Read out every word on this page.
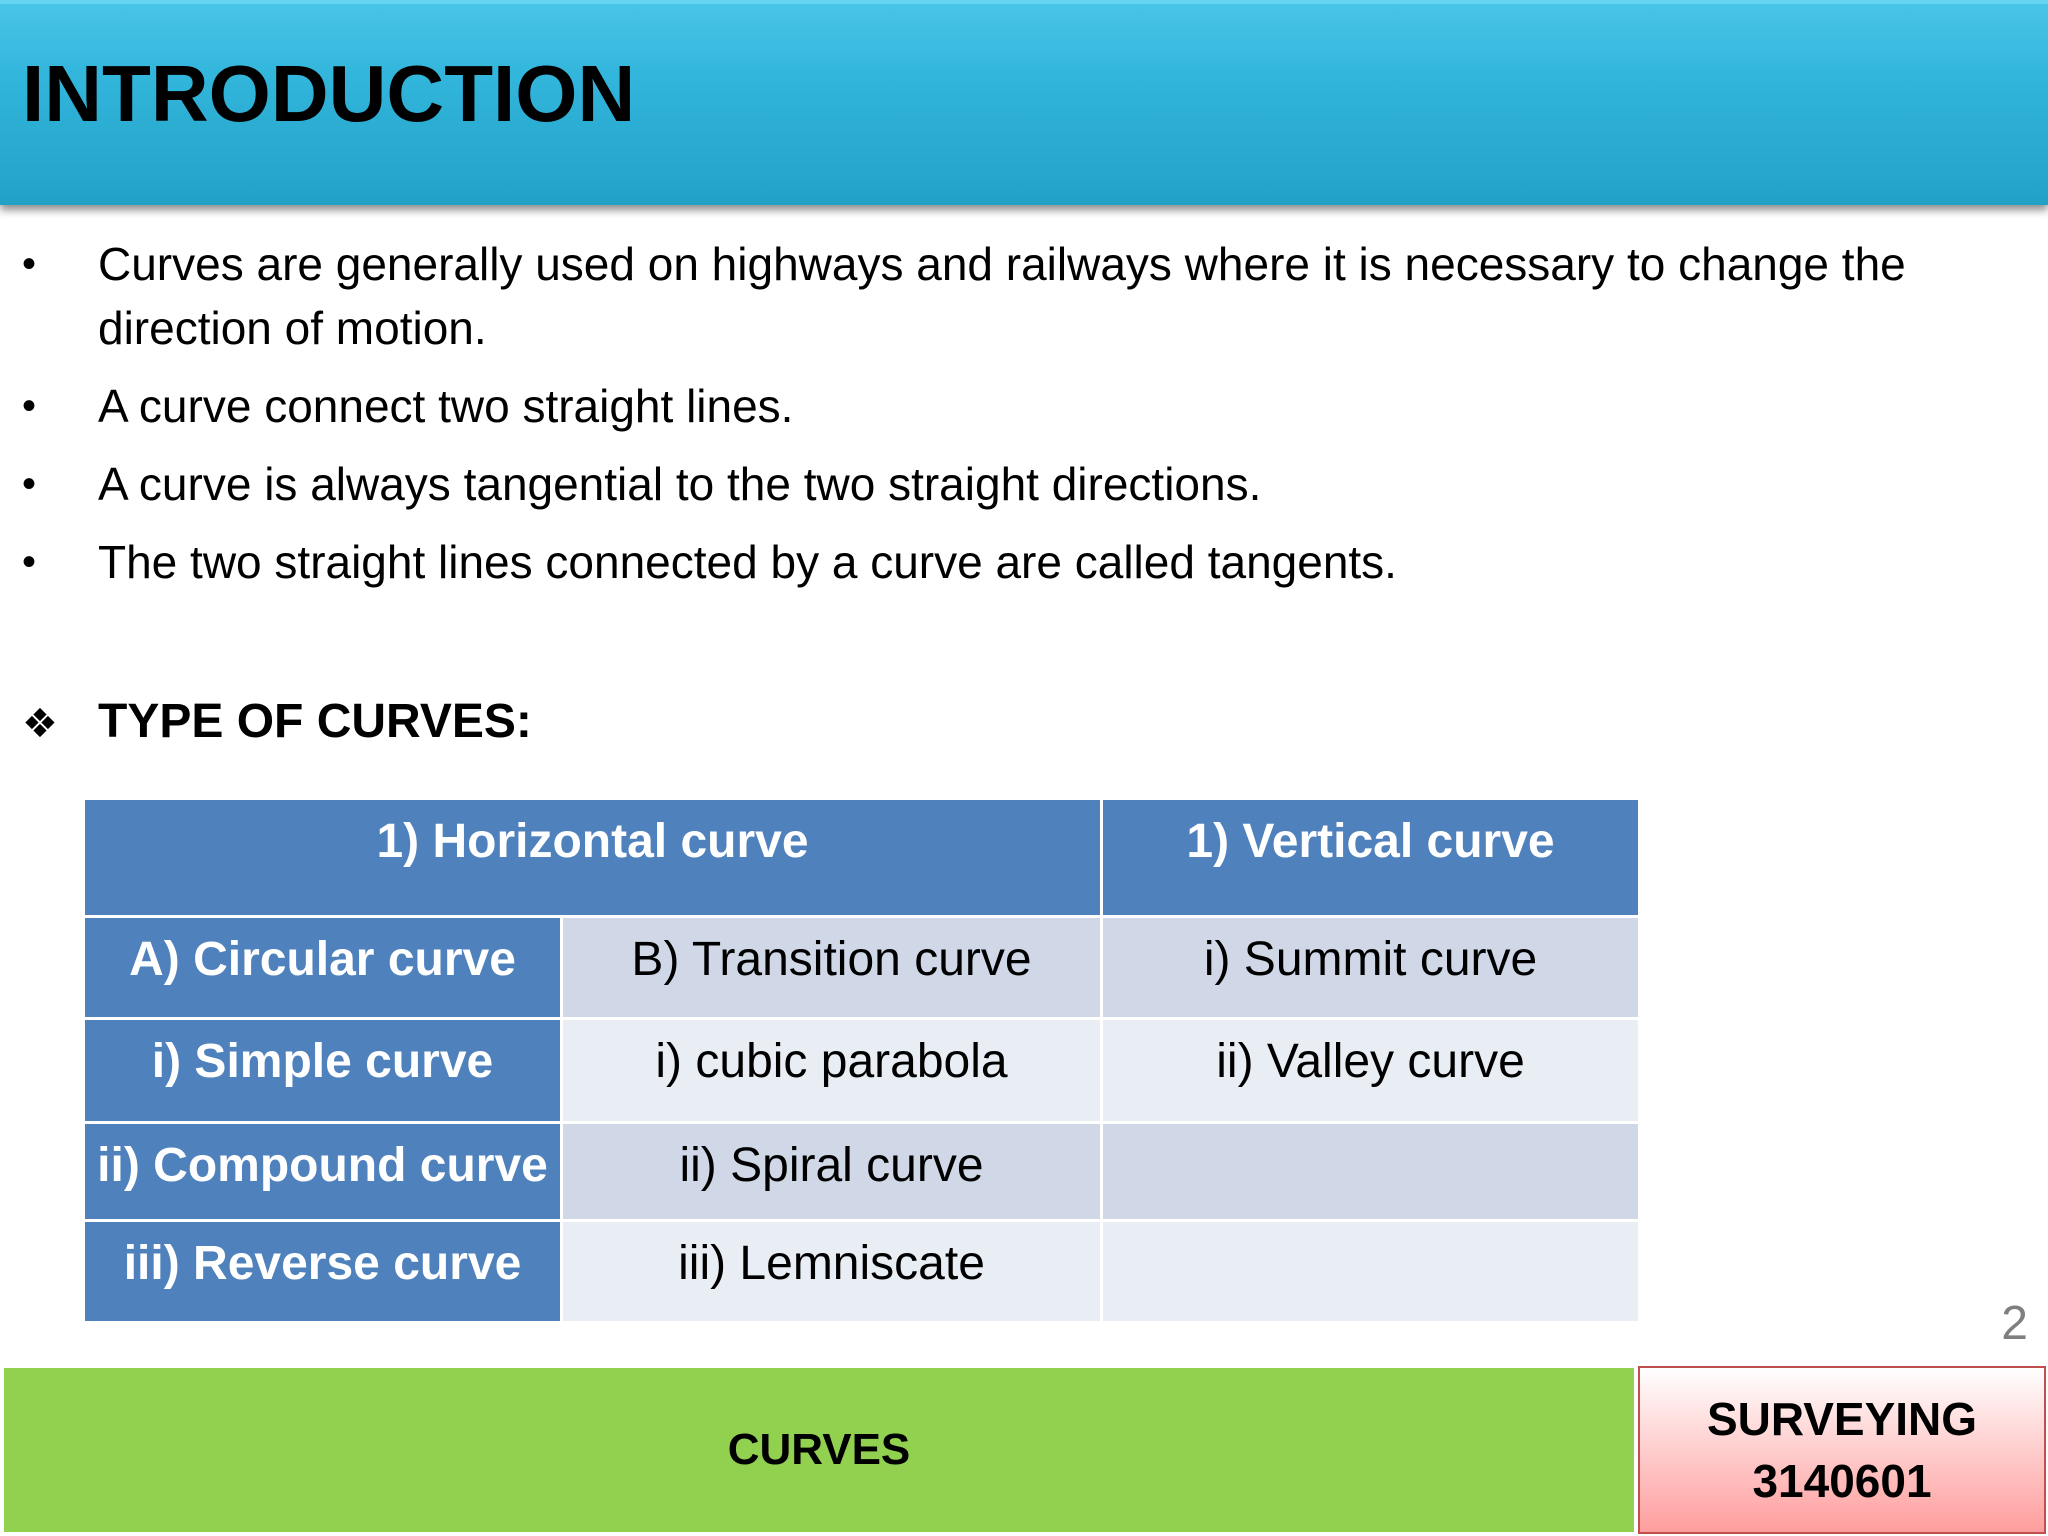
INTRODUCTION
• Curves are generally used on highways and railways where it is necessary to change the direction of motion.
• A curve connect two straight lines.
• A curve is always tangential to the two straight directions.
• The two straight lines connected by a curve are called tangents.
❖ TYPE OF CURVES:
1) Horizontal curve		1) Vertical curve
A) Circular curve	B) Transition curve	i) Summit curve
i) Simple curve	i) cubic parabola	ii) Valley curve
ii) Compound curve	ii) Spiral curve	
iii) Reverse curve	iii) Lemniscate	
2
CURVES
SURVEYING
3140601
